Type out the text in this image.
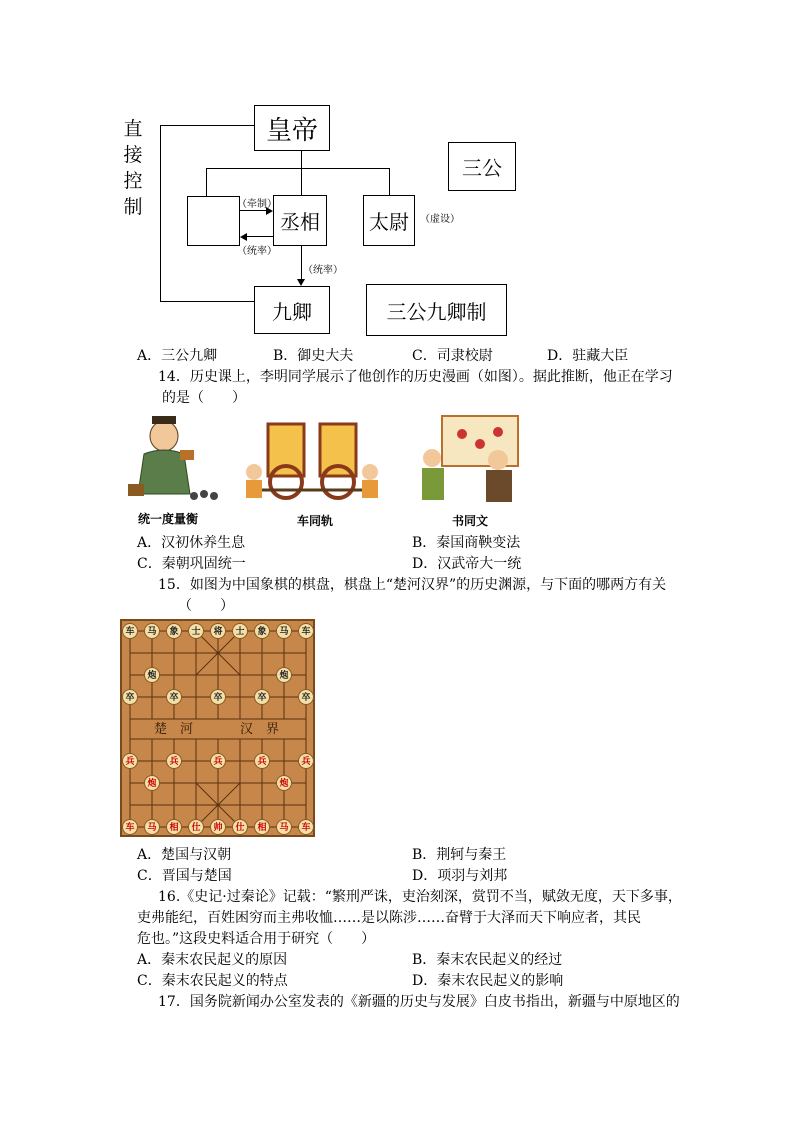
直接控制
皇帝
三公
丞相	太尉
九卿	三公九卿制
（牵制）
（统率）
（统率）
（虚设）
A．三公九卿	B．御史大夫	C．司隶校尉	D．驻藏大臣
14．历史课上，李明同学展示了他创作的历史漫画（如图）。据此推断，他正在学习
的是（　　）
统一度量衡	车同轨	书同文
A．汉初休养生息	B．秦国商鞅变法
C．秦朝巩固统一	D．汉武帝大一统
15．如图为中国象棋的棋盘，棋盘上“楚河汉界”的历史渊源，与下面的哪两方有关
（　　）
楚　河	汉　界
车	马	象	士	将	士	象	马	车
炮	炮
卒	卒	卒	卒	卒
兵	兵	兵	兵	兵
炮	炮
车	马	相	仕	帅	仕	相	马	车
A．楚国与汉朝	B．荆轲与秦王
C．晋国与楚国	D．项羽与刘邦
16.《史记·过秦论》记载：“繁刑严诛，吏治刻深，赏罚不当，赋敛无度，天下多事，
吏弗能纪，百姓困穷而主弗收恤……是以陈涉……奋臂于大泽而天下响应者，其民
危也。”这段史料适合用于研究（　　）
A．秦末农民起义的原因	B．秦末农民起义的经过
C．秦末农民起义的特点	D．秦末农民起义的影响
17．国务院新闻办公室发表的《新疆的历史与发展》白皮书指出，新疆与中原地区的
